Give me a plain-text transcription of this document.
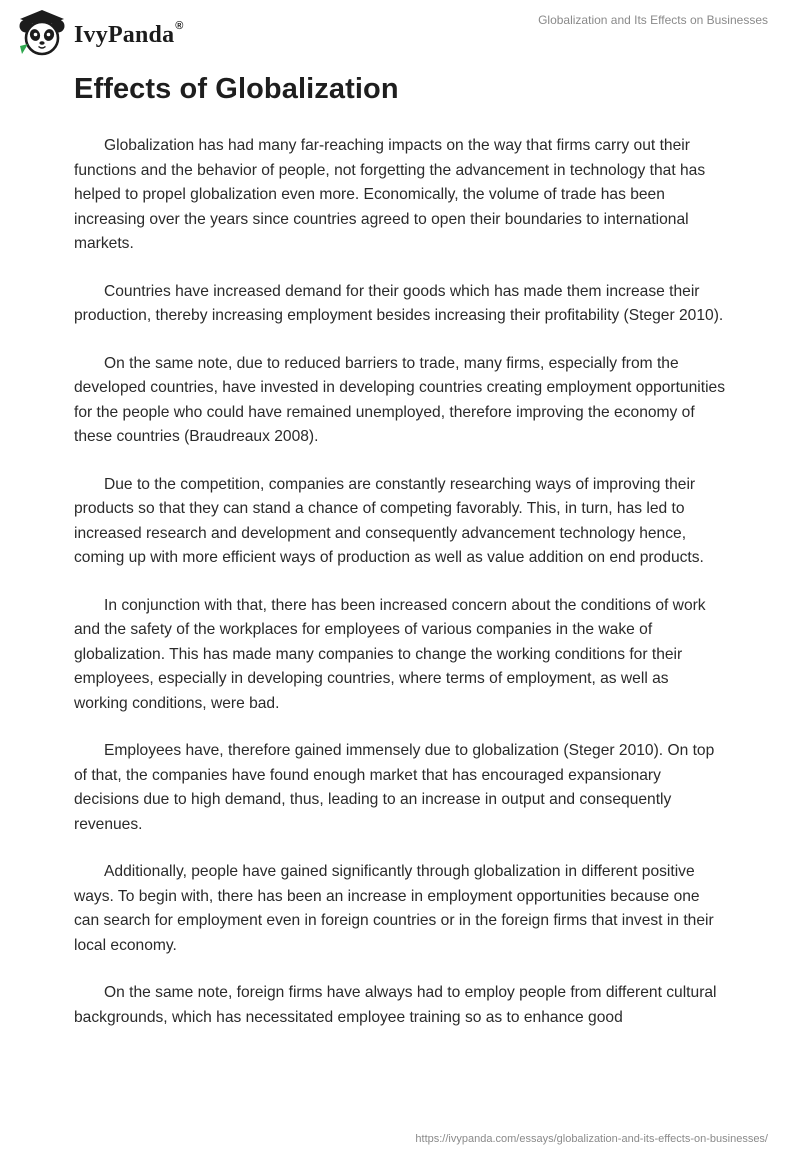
IvyPanda®	Globalization and Its Effects on Businesses
Effects of Globalization

Globalization has had many far-reaching impacts on the way that firms carry out their functions and the behavior of people, not forgetting the advancement in technology that has helped to propel globalization even more. Economically, the volume of trade has been increasing over the years since countries agreed to open their boundaries to international markets.

Countries have increased demand for their goods which has made them increase their production, thereby increasing employment besides increasing their profitability (Steger 2010).

On the same note, due to reduced barriers to trade, many firms, especially from the developed countries, have invested in developing countries creating employment opportunities for the people who could have remained unemployed, therefore improving the economy of these countries (Braudreaux 2008).

Due to the competition, companies are constantly researching ways of improving their products so that they can stand a chance of competing favorably. This, in turn, has led to increased research and development and consequently advancement technology hence, coming up with more efficient ways of production as well as value addition on end products.

In conjunction with that, there has been increased concern about the conditions of work and the safety of the workplaces for employees of various companies in the wake of globalization. This has made many companies to change the working conditions for their employees, especially in developing countries, where terms of employment, as well as working conditions, were bad.

Employees have, therefore gained immensely due to globalization (Steger 2010). On top of that, the companies have found enough market that has encouraged expansionary decisions due to high demand, thus, leading to an increase in output and consequently revenues.

Additionally, people have gained significantly through globalization in different positive ways. To begin with, there has been an increase in employment opportunities because one can search for employment even in foreign countries or in the foreign firms that invest in their local economy.

On the same note, foreign firms have always had to employ people from different cultural backgrounds, which has necessitated employee training so as to enhance good

https://ivypanda.com/essays/globalization-and-its-effects-on-businesses/
